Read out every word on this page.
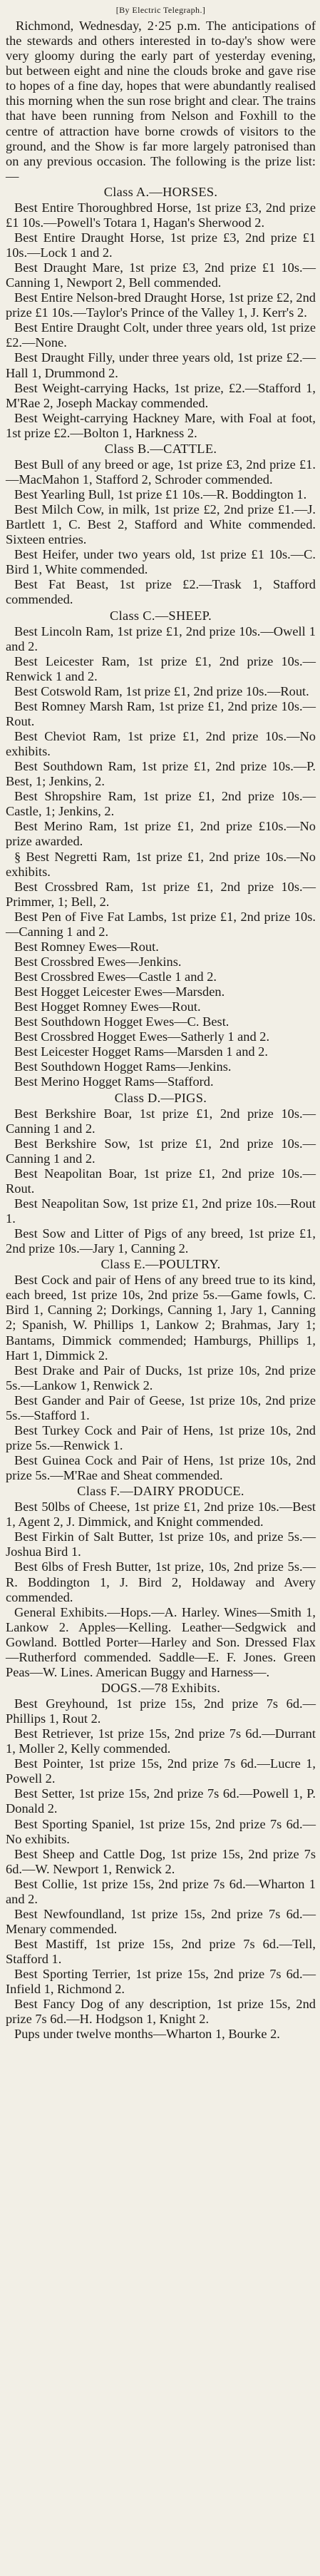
[By Electric Telegraph.]

Richmond, Wednesday, 2·25 p.m. The anticipations of the stewards and others interested in to-day's show were very gloomy during the early part of yesterday evening, but between eight and nine the clouds broke and gave rise to hopes of a fine day, hopes that were abundantly realised this morning when the sun rose bright and clear. The trains that have been running from Nelson and Foxhill to the centre of attraction have borne crowds of visitors to the ground, and the Show is far more largely patronised than on any previous occasion. The following is the prize list:—

Class A.—HORSES.

Best Entire Thoroughbred Horse, 1st prize £3, 2nd prize £1 10s.—Powell's Totara 1, Hagan's Sherwood 2.

Best Entire Draught Horse, 1st prize £3, 2nd prize £1 10s.—Lock 1 and 2.

Best Draught Mare, 1st prize £3, 2nd prize £1 10s.—Canning 1, Newport 2, Bell commended.

Best Entire Nelson-bred Draught Horse, 1st prize £2, 2nd prize £1 10s.—Taylor's Prince of the Valley 1, J. Kerr's 2.

Best Entire Draught Colt, under three years old, 1st prize £2.—None.

Best Draught Filly, under three years old, 1st prize £2.—Hall 1, Drummond 2.

Best Weight-carrying Hacks, 1st prize, £2.—Stafford 1, M'Rae 2, Joseph Mackay commended.

Best Weight-carrying Hackney Mare, with Foal at foot, 1st prize £2.—Bolton 1, Harkness 2.

Class B.—CATTLE.

Best Bull of any breed or age, 1st prize £3, 2nd prize £1.—MacMahon 1, Stafford 2, Schroder commended.

Best Yearling Bull, 1st prize £1 10s.—R. Boddington 1.

Best Milch Cow, in milk, 1st prize £2, 2nd prize £1.—J. Bartlett 1, C. Best 2, Stafford and White commended. Sixteen entries.

Best Heifer, under two years old, 1st prize £1 10s.—C. Bird 1, White commended.

Best Fat Beast, 1st prize £2.—Trask 1, Stafford commended.

Class C.—SHEEP.

Best Lincoln Ram, 1st prize £1, 2nd prize 10s.—Owell 1 and 2.

Best Leicester Ram, 1st prize £1, 2nd prize 10s.—Renwick 1 and 2.

Best Cotswold Ram, 1st prize £1, 2nd prize 10s.—Rout.

Best Romney Marsh Ram, 1st prize £1, 2nd prize 10s.—Rout.

Best Cheviot Ram, 1st prize £1, 2nd prize 10s.—No exhibits.

Best Southdown Ram, 1st prize £1, 2nd prize 10s.—P. Best, 1; Jenkins, 2.

Best Shropshire Ram, 1st prize £1, 2nd prize 10s.—Castle, 1; Jenkins, 2.

Best Merino Ram, 1st prize £1, 2nd prize £10s.—No prize awarded.

§ Best Negretti Ram, 1st prize £1, 2nd prize 10s.—No exhibits.

Best Crossbred Ram, 1st prize £1, 2nd prize 10s.—Primmer, 1; Bell, 2.

Best Pen of Five Fat Lambs, 1st prize £1, 2nd prize 10s.—Canning 1 and 2.

Best Romney Ewes—Rout.

Best Crossbred Ewes—Jenkins.

Best Crossbred Ewes—Castle 1 and 2.

Best Hogget Leicester Ewes—Marsden.

Best Hogget Romney Ewes—Rout.

Best Southdown Hogget Ewes—C. Best.

Best Crossbred Hogget Ewes—Satherly 1 and 2.

Best Leicester Hogget Rams—Marsden 1 and 2.

Best Southdown Hogget Rams—Jenkins.

Best Merino Hogget Rams—Stafford.

Class D.—PIGS.

Best Berkshire Boar, 1st prize £1, 2nd prize 10s.—Canning 1 and 2.

Best Berkshire Sow, 1st prize £1, 2nd prize 10s.—Canning 1 and 2.

Best Neapolitan Boar, 1st prize £1, 2nd prize 10s.—Rout.

Best Neapolitan Sow, 1st prize £1, 2nd prize 10s.—Rout 1.

Best Sow and Litter of Pigs of any breed, 1st prize £1, 2nd prize 10s.—Jary 1, Canning 2.

Class E.—POULTRY.

Best Cock and pair of Hens of any breed true to its kind, each breed, 1st prize 10s, 2nd prize 5s.—Game fowls, C. Bird 1, Canning 2; Dorkings, Canning 1, Jary 1, Canning 2; Spanish, W. Phillips 1, Lankow 2; Brahmas, Jary 1; Bantams, Dimmick commended; Hamburgs, Phillips 1, Hart 1, Dimmick 2.

Best Drake and Pair of Ducks, 1st prize 10s, 2nd prize 5s.—Lankow 1, Renwick 2.

Best Gander and Pair of Geese, 1st prize 10s, 2nd prize 5s.—Stafford 1.

Best Turkey Cock and Pair of Hens, 1st prize 10s, 2nd prize 5s.—Renwick 1.

Best Guinea Cock and Pair of Hens, 1st prize 10s, 2nd prize 5s.—M'Rae and Sheat commended.

Class F.—DAIRY PRODUCE.

Best 50lbs of Cheese, 1st prize £1, 2nd prize 10s.—Best 1, Agent 2, J. Dimmick, and Knight commended.

Best Firkin of Salt Butter, 1st prize 10s, and prize 5s.—Joshua Bird 1.

Best 6lbs of Fresh Butter, 1st prize, 10s, 2nd prize 5s.—R. Boddington 1, J. Bird 2, Holdaway and Avery commended.

General Exhibits.—Hops.—A. Harley. Wines—Smith 1, Lankow 2. Apples—Kelling. Leather—Sedgwick and Gowland. Bottled Porter—Harley and Son. Dressed Flax—Rutherford commended. Saddle—E. F. Jones. Green Peas—W. Lines. American Buggy and Harness—.

DOGS.—78 Exhibits.

Best Greyhound, 1st prize 15s, 2nd prize 7s 6d.—Phillips 1, Rout 2.

Best Retriever, 1st prize 15s, 2nd prize 7s 6d.—Durrant 1, Moller 2, Kelly commended.

Best Pointer, 1st prize 15s, 2nd prize 7s 6d.—Lucre 1, Powell 2.

Best Setter, 1st prize 15s, 2nd prize 7s 6d.—Powell 1, P. Donald 2.

Best Sporting Spaniel, 1st prize 15s, 2nd prize 7s 6d.—No exhibits.

Best Sheep and Cattle Dog, 1st prize 15s, 2nd prize 7s 6d.—W. Newport 1, Renwick 2.

Best Collie, 1st prize 15s, 2nd prize 7s 6d.—Wharton 1 and 2.

Best Newfoundland, 1st prize 15s, 2nd prize 7s 6d.—Menary commended.

Best Mastiff, 1st prize 15s, 2nd prize 7s 6d.—Tell, Stafford 1.

Best Sporting Terrier, 1st prize 15s, 2nd prize 7s 6d.—Infield 1, Richmond 2.

Best Fancy Dog of any description, 1st prize 15s, 2nd prize 7s 6d.—H. Hodgson 1, Knight 2.

Pups under twelve months—Wharton 1, Bourke 2.
